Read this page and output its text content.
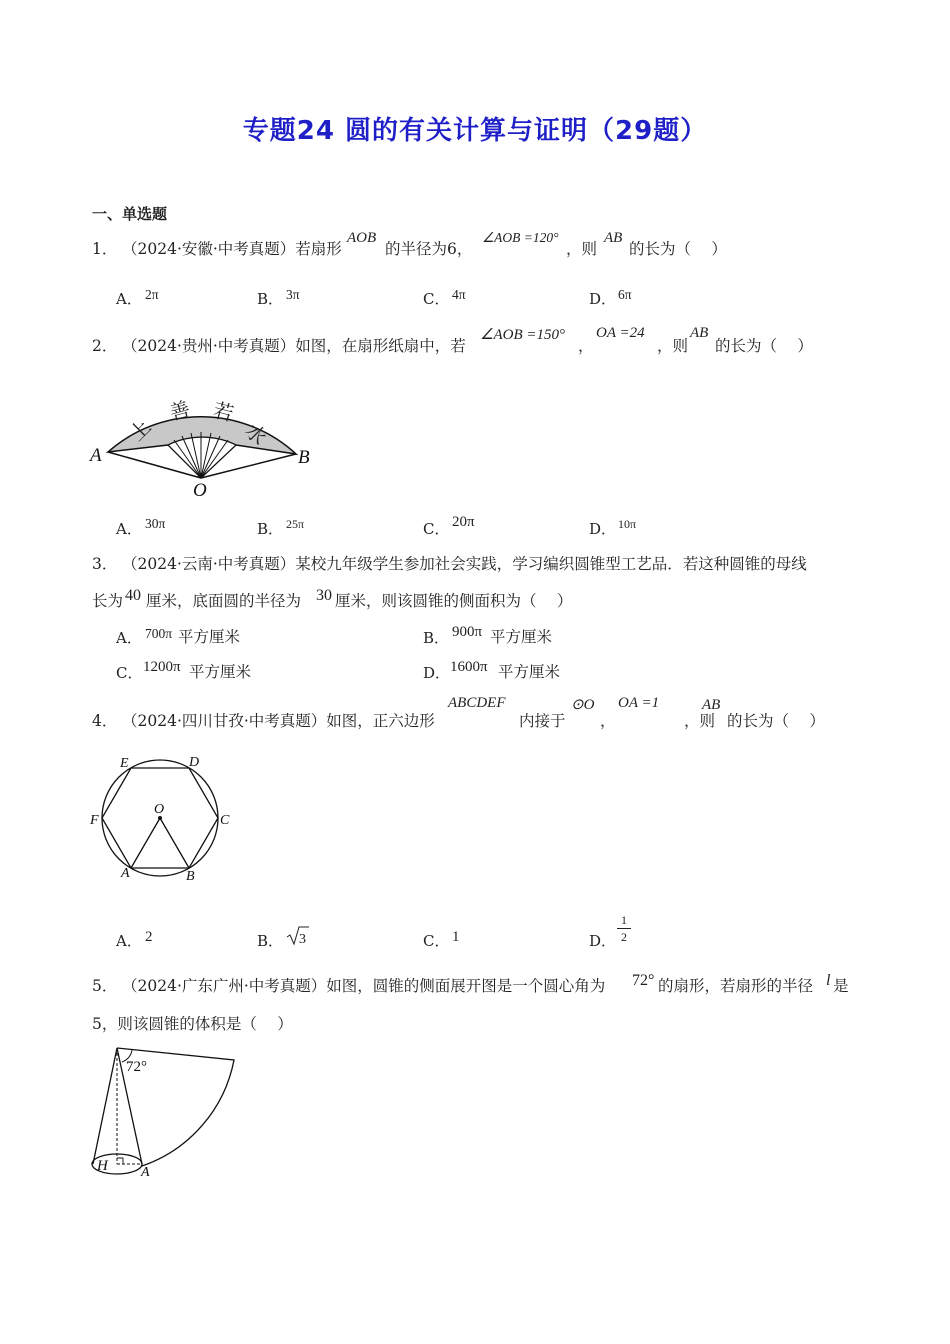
专题24 圆的有关计算与证明（29题）
一、单选题
1． （2024·安徽·中考真题）若扇形
AOB
的半径为6，
∠AOB =120°
，则
AB
的长为（　 ）
A． 2π	B． 3π	C． 4π	D． 6π
2． （2024·贵州·中考真题）如图，在扇形纸扇中，若
∠AOB =150°
，
OA =24
，则
AB
的长为（　 ）
上
善 若
水
A	B
O
A． 30π	B． 25π	C． 20π	D． 10π
3． （2024·云南·中考真题）某校九年级学生参加社会实践，学习编织圆锥型工艺品．若这种圆锥的母线
长为 40 厘米，底面圆的半径为 30 厘米，则该圆锥的侧面积为（　 ）
A． 700π 平方厘米	B． 900π 平方厘米
C． 1200π 平方厘米	D． 1600π 平方厘米
4． （2024·四川甘孜·中考真题）如图，正六边形
ABCDEF
内接于
⊙O
，
OA =1
，则
AB
的长为（　 ）
E	D
F	C
O
A	B
A． 2	B． 3	C． 1	D．
1
2
5． （2024·广东广州·中考真题）如图，圆锥的侧面展开图是一个圆心角为 72° 的扇形，若扇形的半径 l 是
5，则该圆锥的体积是（　 ）
72°
H A
